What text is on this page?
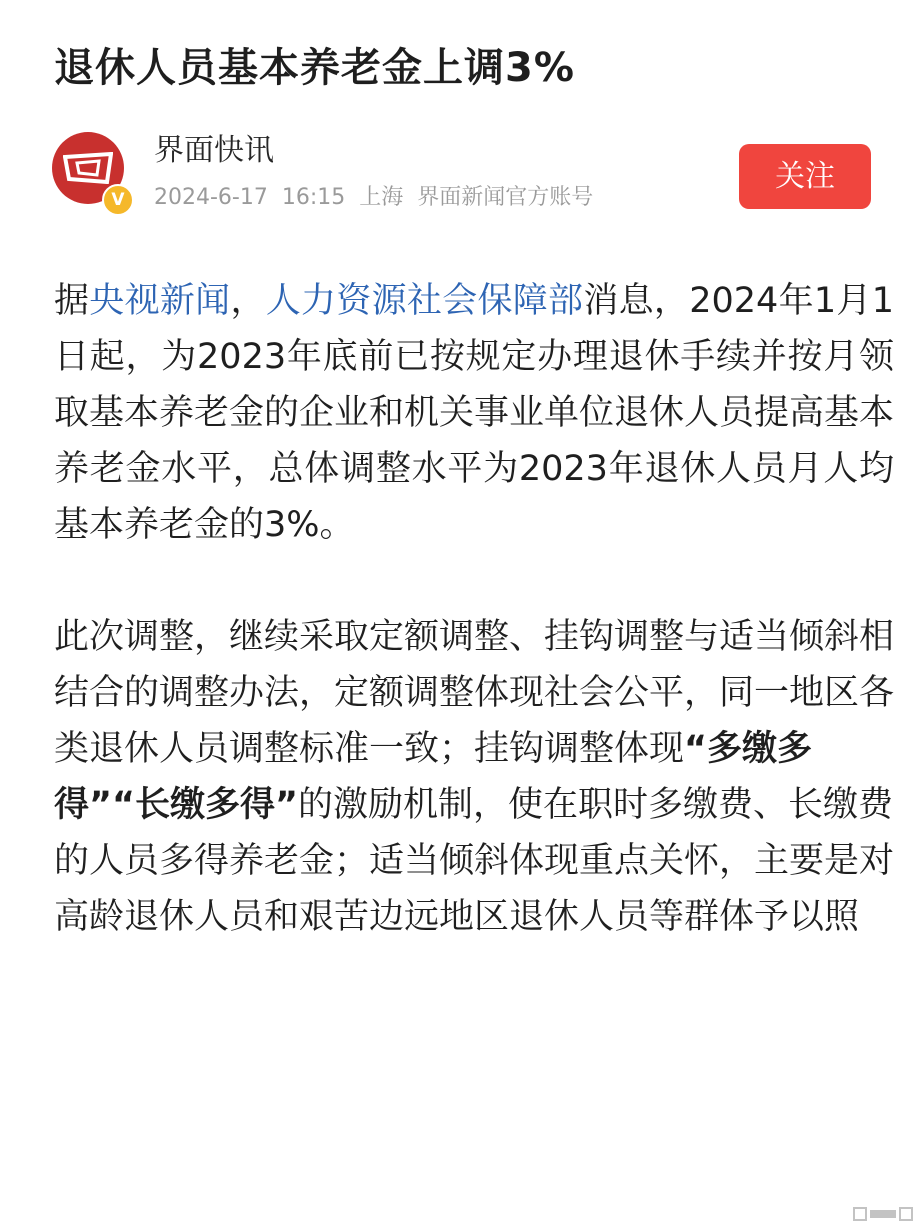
退休人员基本养老金上调3%
V
界面快讯
2024-6-17 16:15 上海 界面新闻官方账号
关注

据央视新闻，人力资源社会保障部消息，2024年1月1日起，为2023年底前已按规定办理退休手续并按月领取基本养老金的企业和机关事业单位退休人员提高基本养老金水平，总体调整水平为2023年退休人员月人均基本养老金的3%。

此次调整，继续采取定额调整、挂钩调整与适当倾斜相结合的调整办法，定额调整体现社会公平，同一地区各类退休人员调整标准一致；挂钩调整体现“多缴多得”“长缴多得”的激励机制，使在职时多缴费、长缴费的人员多得养老金；适当倾斜体现重点关怀，主要是对高龄退休人员和艰苦边远地区退休人员等群体予以照
